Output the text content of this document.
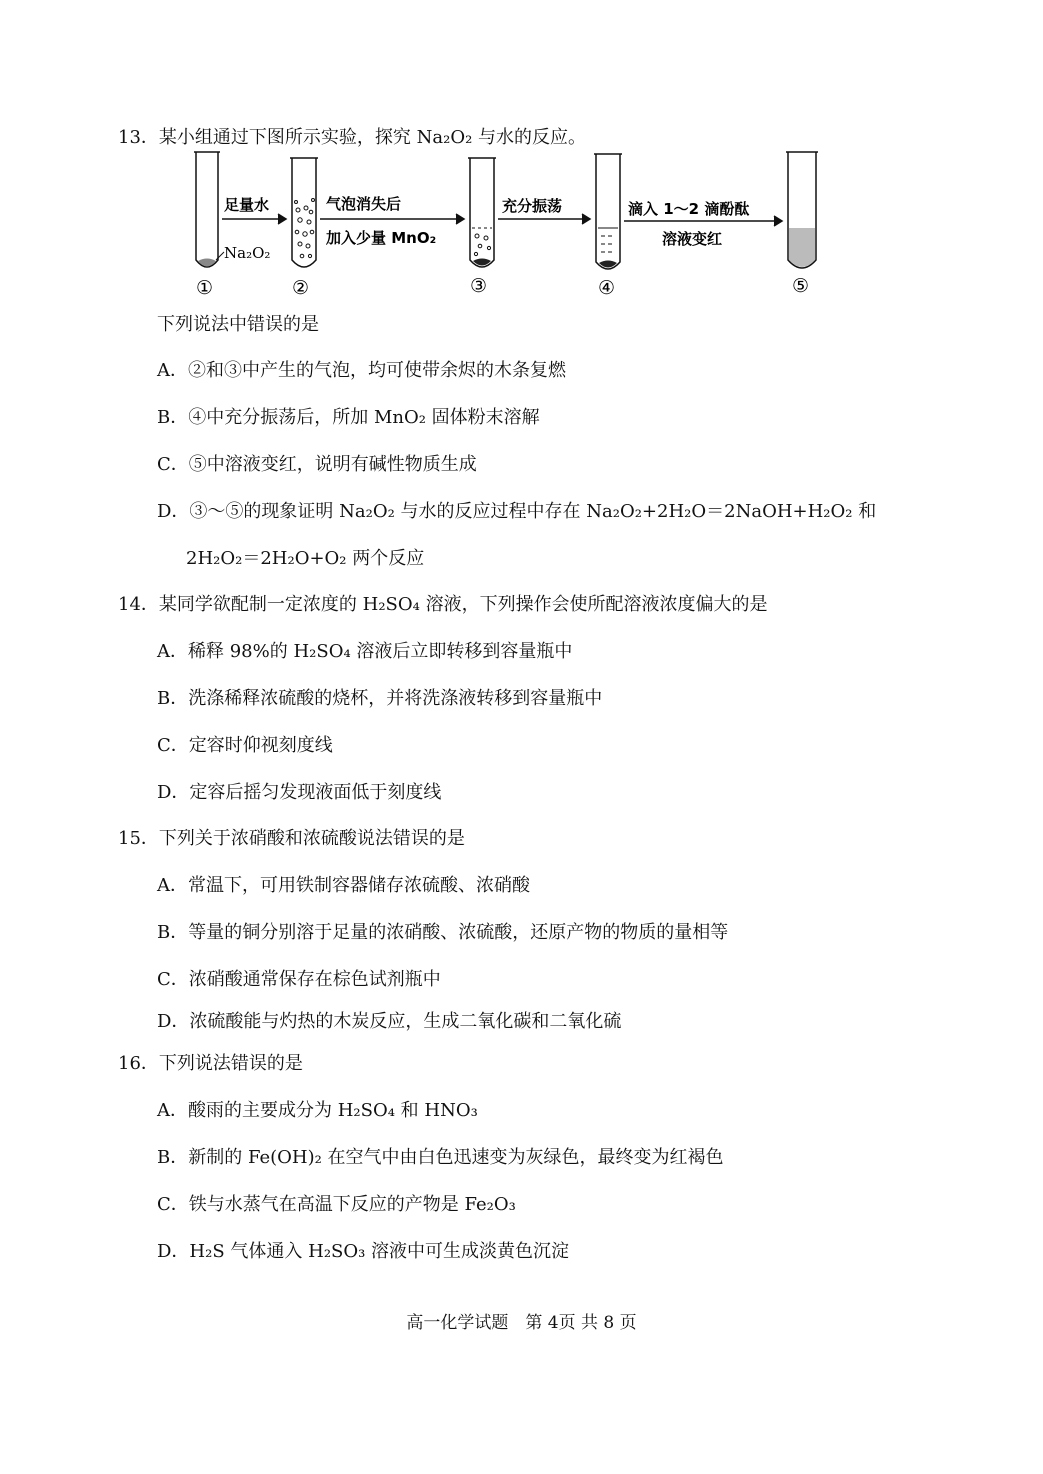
13．某小组通过下图所示实验，探究 Na₂O₂ 与水的反应。
足量水	气泡消失后
加入少量 MnO₂
充分振荡	滴入 1～2 滴酚酞
溶液变红
Na₂O₂
①	②	③	④	⑤
下列说法中错误的是
A．②和③中产生的气泡，均可使带余烬的木条复燃
B．④中充分振荡后，所加 MnO₂ 固体粉末溶解
C．⑤中溶液变红，说明有碱性物质生成
D．③～⑤的现象证明 Na₂O₂ 与水的反应过程中存在 Na₂O₂+2H₂O＝2NaOH+H₂O₂ 和
2H₂O₂＝2H₂O+O₂ 两个反应
14．某同学欲配制一定浓度的 H₂SO₄ 溶液，下列操作会使所配溶液浓度偏大的是
A．稀释 98%的 H₂SO₄ 溶液后立即转移到容量瓶中
B．洗涤稀释浓硫酸的烧杯，并将洗涤液转移到容量瓶中
C．定容时仰视刻度线
D．定容后摇匀发现液面低于刻度线
15．下列关于浓硝酸和浓硫酸说法错误的是
A．常温下，可用铁制容器储存浓硫酸、浓硝酸
B．等量的铜分别溶于足量的浓硝酸、浓硫酸，还原产物的物质的量相等
C．浓硝酸通常保存在棕色试剂瓶中
D．浓硫酸能与灼热的木炭反应，生成二氧化碳和二氧化硫
16．下列说法错误的是
A．酸雨的主要成分为 H₂SO₄ 和 HNO₃
B．新制的 Fe(OH)₂ 在空气中由白色迅速变为灰绿色，最终变为红褐色
C．铁与水蒸气在高温下反应的产物是 Fe₂O₃
D．H₂S 气体通入 H₂SO₃ 溶液中可生成淡黄色沉淀
高一化学试题　第 4页 共 8 页
